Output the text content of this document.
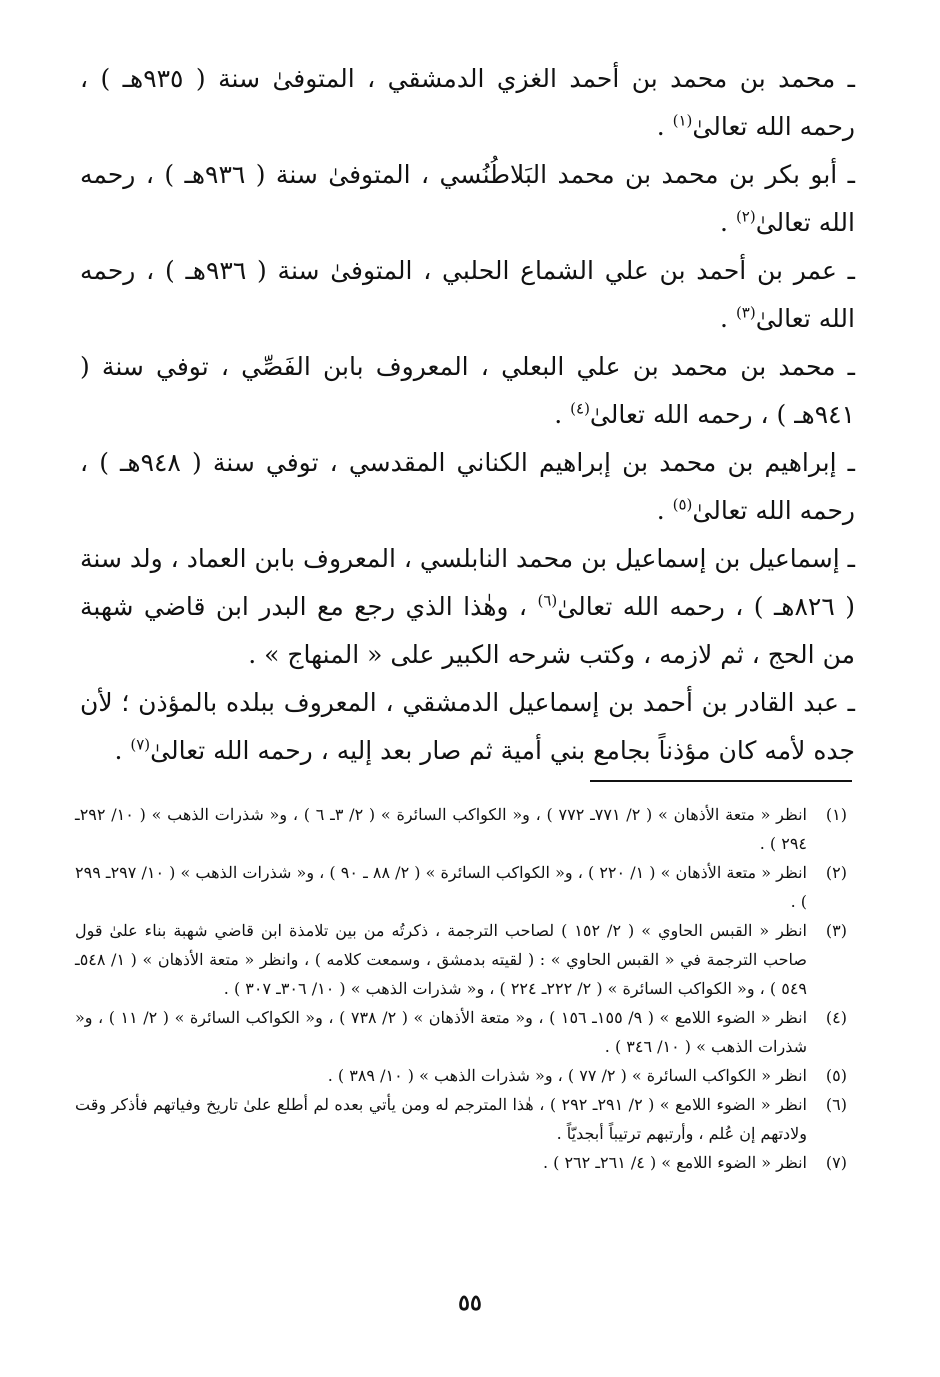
ـ محمد بن محمد بن أحمد الغزي الدمشقي ، المتوفىٰ سنة ( ٩٣٥هـ ) ، رحمه الله تعالىٰ$^{(١)}$ .

ـ أبو بكر بن محمد بن محمد البَلاطُنُسي ، المتوفىٰ سنة ( ٩٣٦هـ ) ، رحمه الله تعالىٰ$^{(٢)}$ .

ـ عمر بن أحمد بن علي الشماع الحلبي ، المتوفىٰ سنة ( ٩٣٦هـ ) ، رحمه الله تعالىٰ$^{(٣)}$ .

ـ محمد بن محمد بن علي البعلي ، المعروف بابن الفَصِّي ، توفي سنة ( ٩٤١هـ ) ، رحمه الله تعالىٰ$^{(٤)}$ .

ـ إبراهيم بن محمد بن إبراهيم الكناني المقدسي ، توفي سنة ( ٩٤٨هـ ) ، رحمه الله تعالىٰ$^{(٥)}$ .

ـ إسماعيل بن إسماعيل بن محمد النابلسي ، المعروف بابن العماد ، ولد سنة ( ٨٢٦هـ ) ، رحمه الله تعالىٰ$^{(٦)}$ ، وهٰذا الذي رجع مع البدر ابن قاضي شهبة من الحج ، ثم لازمه ، وكتب شرحه الكبير على « المنهاج » .

ـ عبد القادر بن أحمد بن إسماعيل الدمشقي ، المعروف ببلده بالمؤذن ؛ لأن جده لأمه كان مؤذناً بجامع بني أمية ثم صار بعد إليه ، رحمه الله تعالىٰ$^{(٧)}$ .

(١)
انظر « متعة الأذهان » ( ٢/ ٧٧١ـ ٧٧٢ ) ، و« الكواكب السائرة » ( ٢/ ٣ـ ٦ ) ، و« شذرات الذهب » ( ١٠/ ٢٩٢ـ ٢٩٤ ) .
(٢)
انظر « متعة الأذهان » ( ١/ ٢٢٠ ) ، و« الكواكب السائرة » ( ٢/ ٨٨ ـ ٩٠ ) ، و« شذرات الذهب » ( ١٠/ ٢٩٧ـ ٢٩٩ ) .
(٣)
انظر « القبس الحاوي » ( ٢/ ١٥٢ ) لصاحب الترجمة ، ذكرتُه من بين تلامذة ابن قاضي شهبة بناء علىٰ قول صاحب الترجمة في « القبس الحاوي » : ( لقيته بدمشق ، وسمعت كلامه ) ، وانظر « متعة الأذهان » ( ١/ ٥٤٨ـ ٥٤٩ ) ، و« الكواكب السائرة » ( ٢/ ٢٢٢ـ ٢٢٤ ) ، و« شذرات الذهب » ( ١٠/ ٣٠٦ـ ٣٠٧ ) .
(٤)
انظر « الضوء اللامع » ( ٩/ ١٥٥ـ ١٥٦ ) ، و« متعة الأذهان » ( ٢/ ٧٣٨ ) ، و« الكواكب السائرة » ( ٢/ ١١ ) ، و« شذرات الذهب » ( ١٠/ ٣٤٦ ) .
(٥)
انظر « الكواكب السائرة » ( ٢/ ٧٧ ) ، و« شذرات الذهب » ( ١٠/ ٣٨٩ ) .
(٦)
انظر « الضوء اللامع » ( ٢/ ٢٩١ـ ٢٩٢ ) ، هٰذا المترجم له ومن يأتي بعده لم أطلع علىٰ تاريخ وفياتهم فأذكر وقت ولادتهم إن عُلم ، وأرتبهم ترتيباً أبجديّاً .
(٧)
انظر « الضوء اللامع » ( ٤/ ٢٦١ـ ٢٦٢ ) .
٥٥
